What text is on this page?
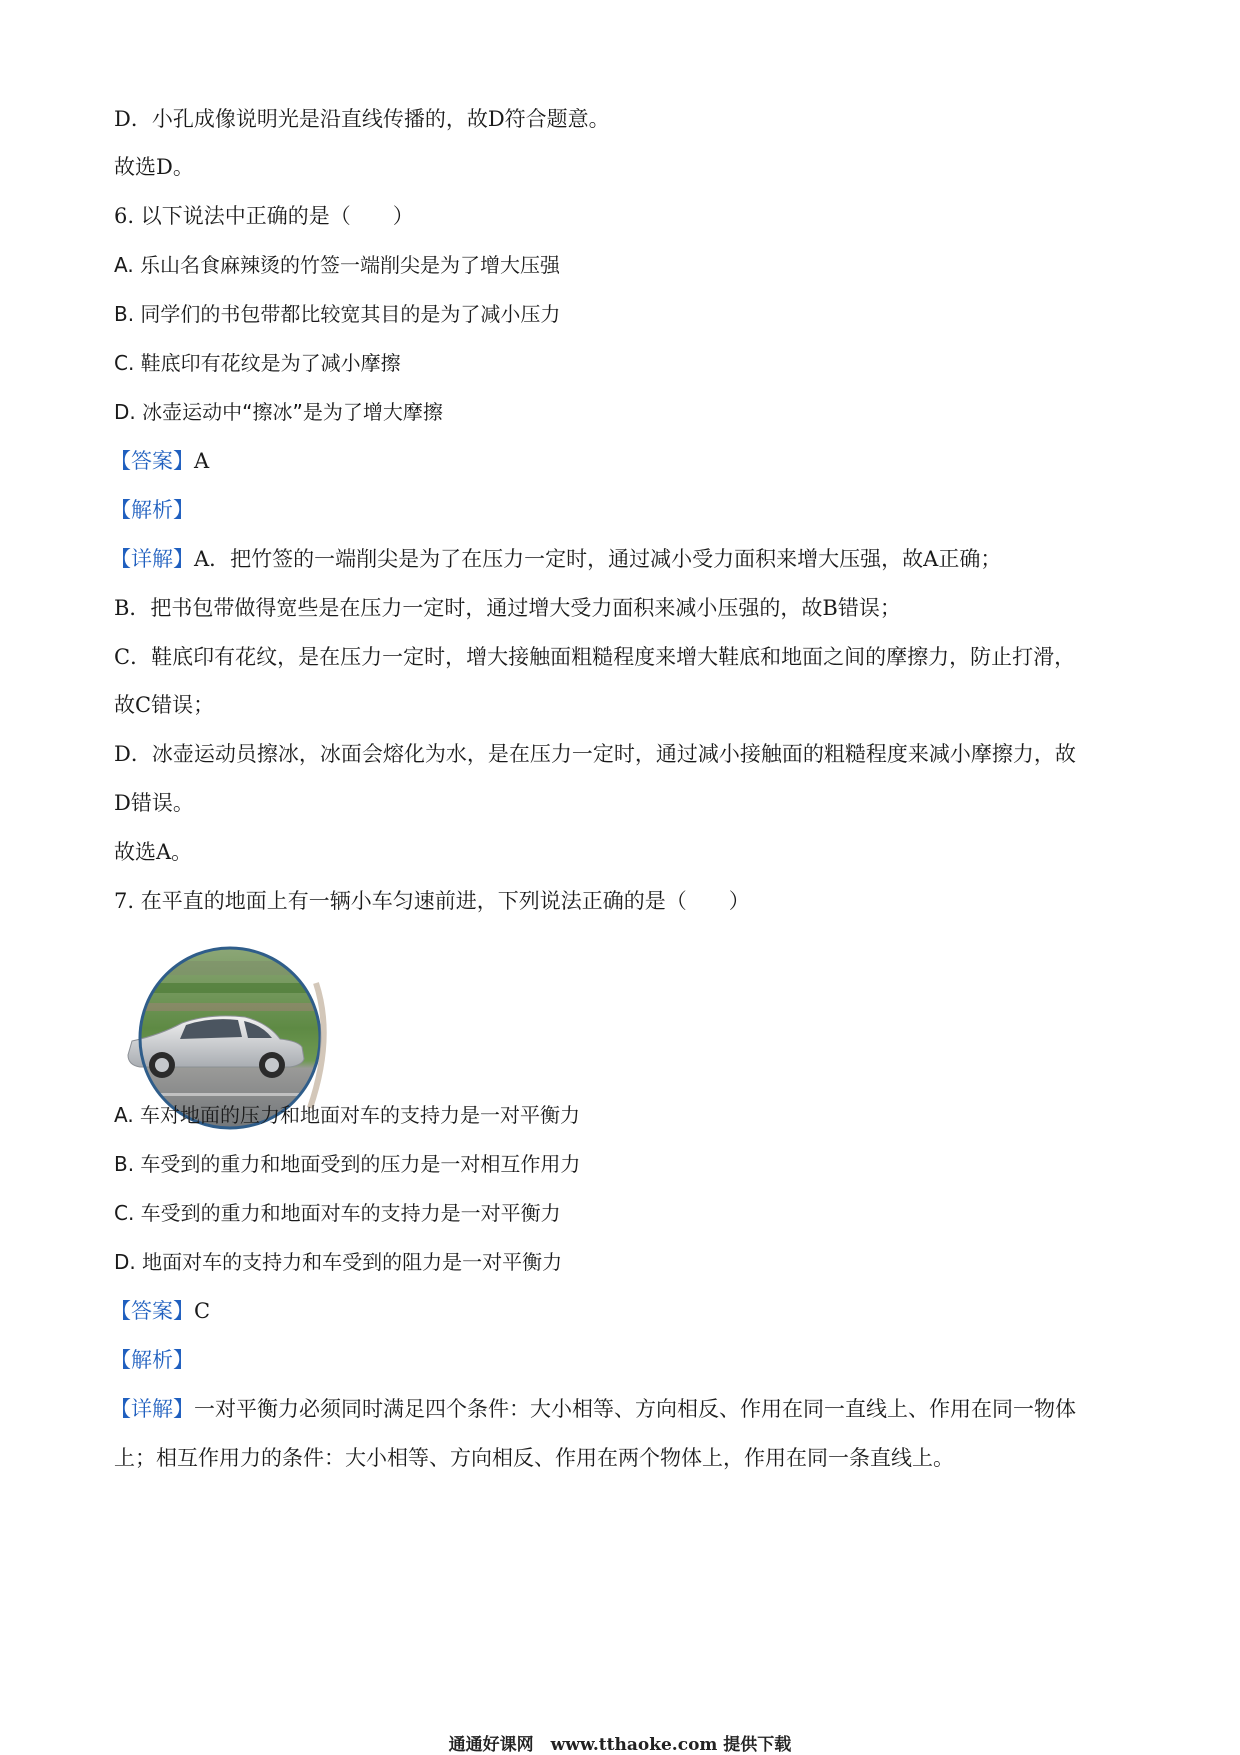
D．小孔成像说明光是沿直线传播的，故D符合题意。
故选D。
6. 以下说法中正确的是（　　）
A. 乐山名食麻辣烫的竹签一端削尖是为了增大压强
B. 同学们的书包带都比较宽其目的是为了减小压力
C. 鞋底印有花纹是为了减小摩擦
D. 冰壶运动中“擦冰”是为了增大摩擦
【答案】A
【解析】
【详解】A．把竹签的一端削尖是为了在压力一定时，通过减小受力面积来增大压强，故A正确；
B．把书包带做得宽些是在压力一定时，通过增大受力面积来减小压强的，故B错误；
C．鞋底印有花纹，是在压力一定时，增大接触面粗糙程度来增大鞋底和地面之间的摩擦力，防止打滑，
故C错误；
D．冰壶运动员擦冰，冰面会熔化为水，是在压力一定时，通过减小接触面的粗糙程度来减小摩擦力，故
D错误。
故选A。
7. 在平直的地面上有一辆小车匀速前进，下列说法正确的是（　　）
A. 车对地面的压力和地面对车的支持力是一对平衡力
B. 车受到的重力和地面受到的压力是一对相互作用力
C. 车受到的重力和地面对车的支持力是一对平衡力
D. 地面对车的支持力和车受到的阻力是一对平衡力
【答案】C
【解析】
【详解】一对平衡力必须同时满足四个条件：大小相等、方向相反、作用在同一直线上、作用在同一物体
上；相互作用力的条件：大小相等、方向相反、作用在两个物体上，作用在同一条直线上。
通通好课网　www.tthaoke.com 提供下载
